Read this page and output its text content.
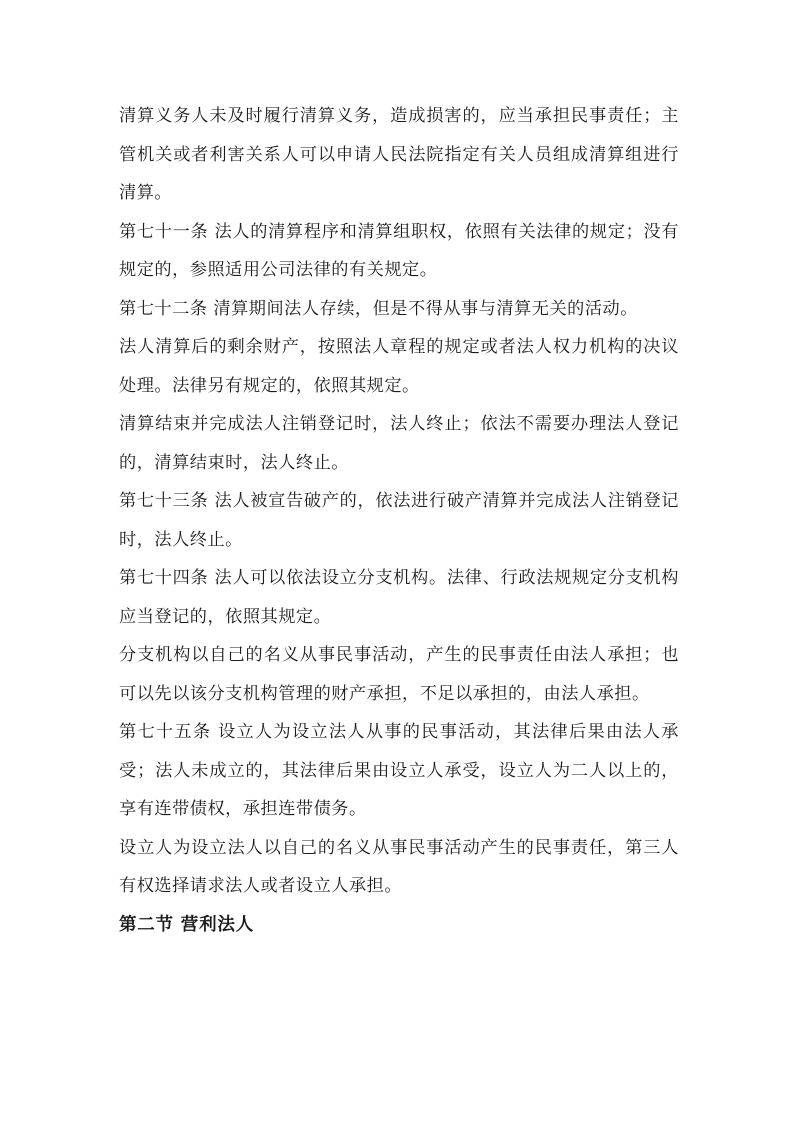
清算义务人未及时履行清算义务，造成损害的，应当承担民事责任；主管机关或者利害关系人可以申请人民法院指定有关人员组成清算组进行清算。

第七十一条 法人的清算程序和清算组职权，依照有关法律的规定；没有规定的，参照适用公司法律的有关规定。

第七十二条 清算期间法人存续，但是不得从事与清算无关的活动。

法人清算后的剩余财产，按照法人章程的规定或者法人权力机构的决议处理。法律另有规定的，依照其规定。

清算结束并完成法人注销登记时，法人终止；依法不需要办理法人登记的，清算结束时，法人终止。

第七十三条 法人被宣告破产的，依法进行破产清算并完成法人注销登记时，法人终止。

第七十四条 法人可以依法设立分支机构。法律、行政法规规定分支机构应当登记的，依照其规定。

分支机构以自己的名义从事民事活动，产生的民事责任由法人承担；也可以先以该分支机构管理的财产承担，不足以承担的，由法人承担。

第七十五条 设立人为设立法人从事的民事活动，其法律后果由法人承受；法人未成立的，其法律后果由设立人承受，设立人为二人以上的，享有连带债权，承担连带债务。

设立人为设立法人以自己的名义从事民事活动产生的民事责任，第三人有权选择请求法人或者设立人承担。

第二节 营利法人
